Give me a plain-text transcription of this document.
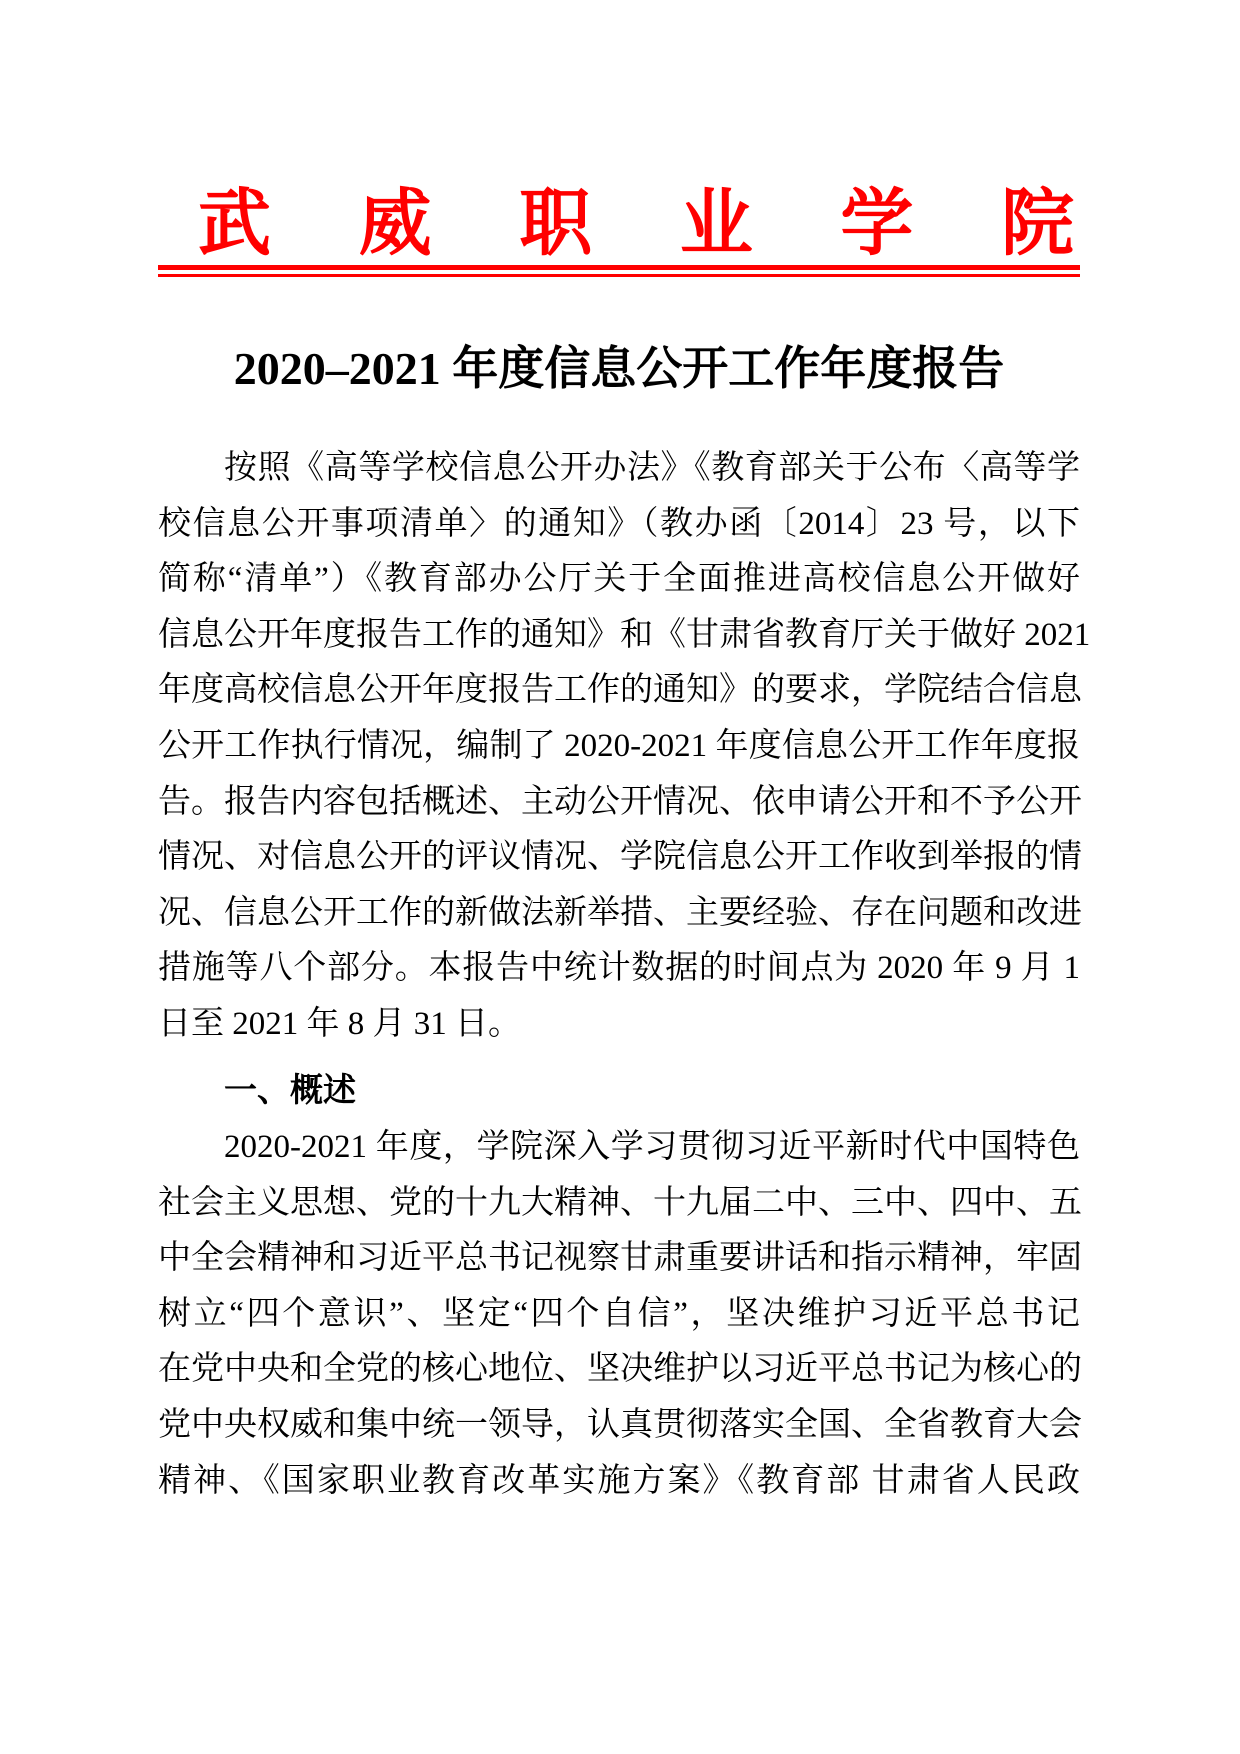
武威职业学院
2020–2021 年度信息公开工作年度报告
按照《高等学校信息公开办法》《教育部关于公布〈高等学
校信息公开事项清单〉的通知》（教办函〔2014〕23 号，以下
简称“清单”）《教育部办公厅关于全面推进高校信息公开做好
信息公开年度报告工作的通知》和《甘肃省教育厅关于做好 2021
年度高校信息公开年度报告工作的通知》的要求，学院结合信息
公开工作执行情况，编制了 2020-2021 年度信息公开工作年度报
告。报告内容包括概述、主动公开情况、依申请公开和不予公开
情况、对信息公开的评议情况、学院信息公开工作收到举报的情
况、信息公开工作的新做法新举措、主要经验、存在问题和改进
措施等八个部分。本报告中统计数据的时间点为 2020 年 9 月 1
日至 2021 年 8 月 31 日。
一、概述
2020-2021 年度，学院深入学习贯彻习近平新时代中国特色
社会主义思想、党的十九大精神、十九届二中、三中、四中、五
中全会精神和习近平总书记视察甘肃重要讲话和指示精神，牢固
树立“四个意识”、坚定“四个自信”，坚决维护习近平总书记
在党中央和全党的核心地位、坚决维护以习近平总书记为核心的
党中央权威和集中统一领导，认真贯彻落实全国、全省教育大会
精神、《国家职业教育改革实施方案》《教育部 甘肃省人民政
